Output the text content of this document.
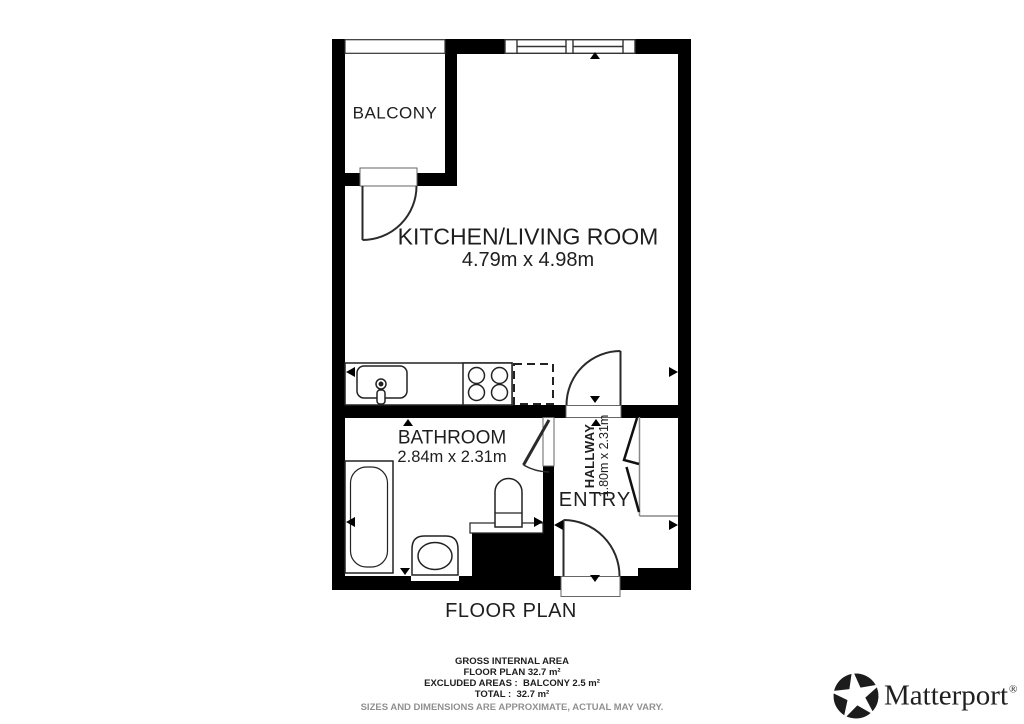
BALCONY
KITCHEN/LIVING ROOM
4.79m x 4.98m
BATHROOM
2.84m x 2.31m	HALLWAY 1.80m x 2.31m
ENTRY
FLOOR PLAN
GROSS INTERNAL AREA
FLOOR PLAN 32.7 m²
EXCLUDED AREAS :  BALCONY 2.5 m²
TOTAL :  32.7 m²
SIZES AND DIMENSIONS ARE APPROXIMATE, ACTUAL MAY VARY.	Matterport®
